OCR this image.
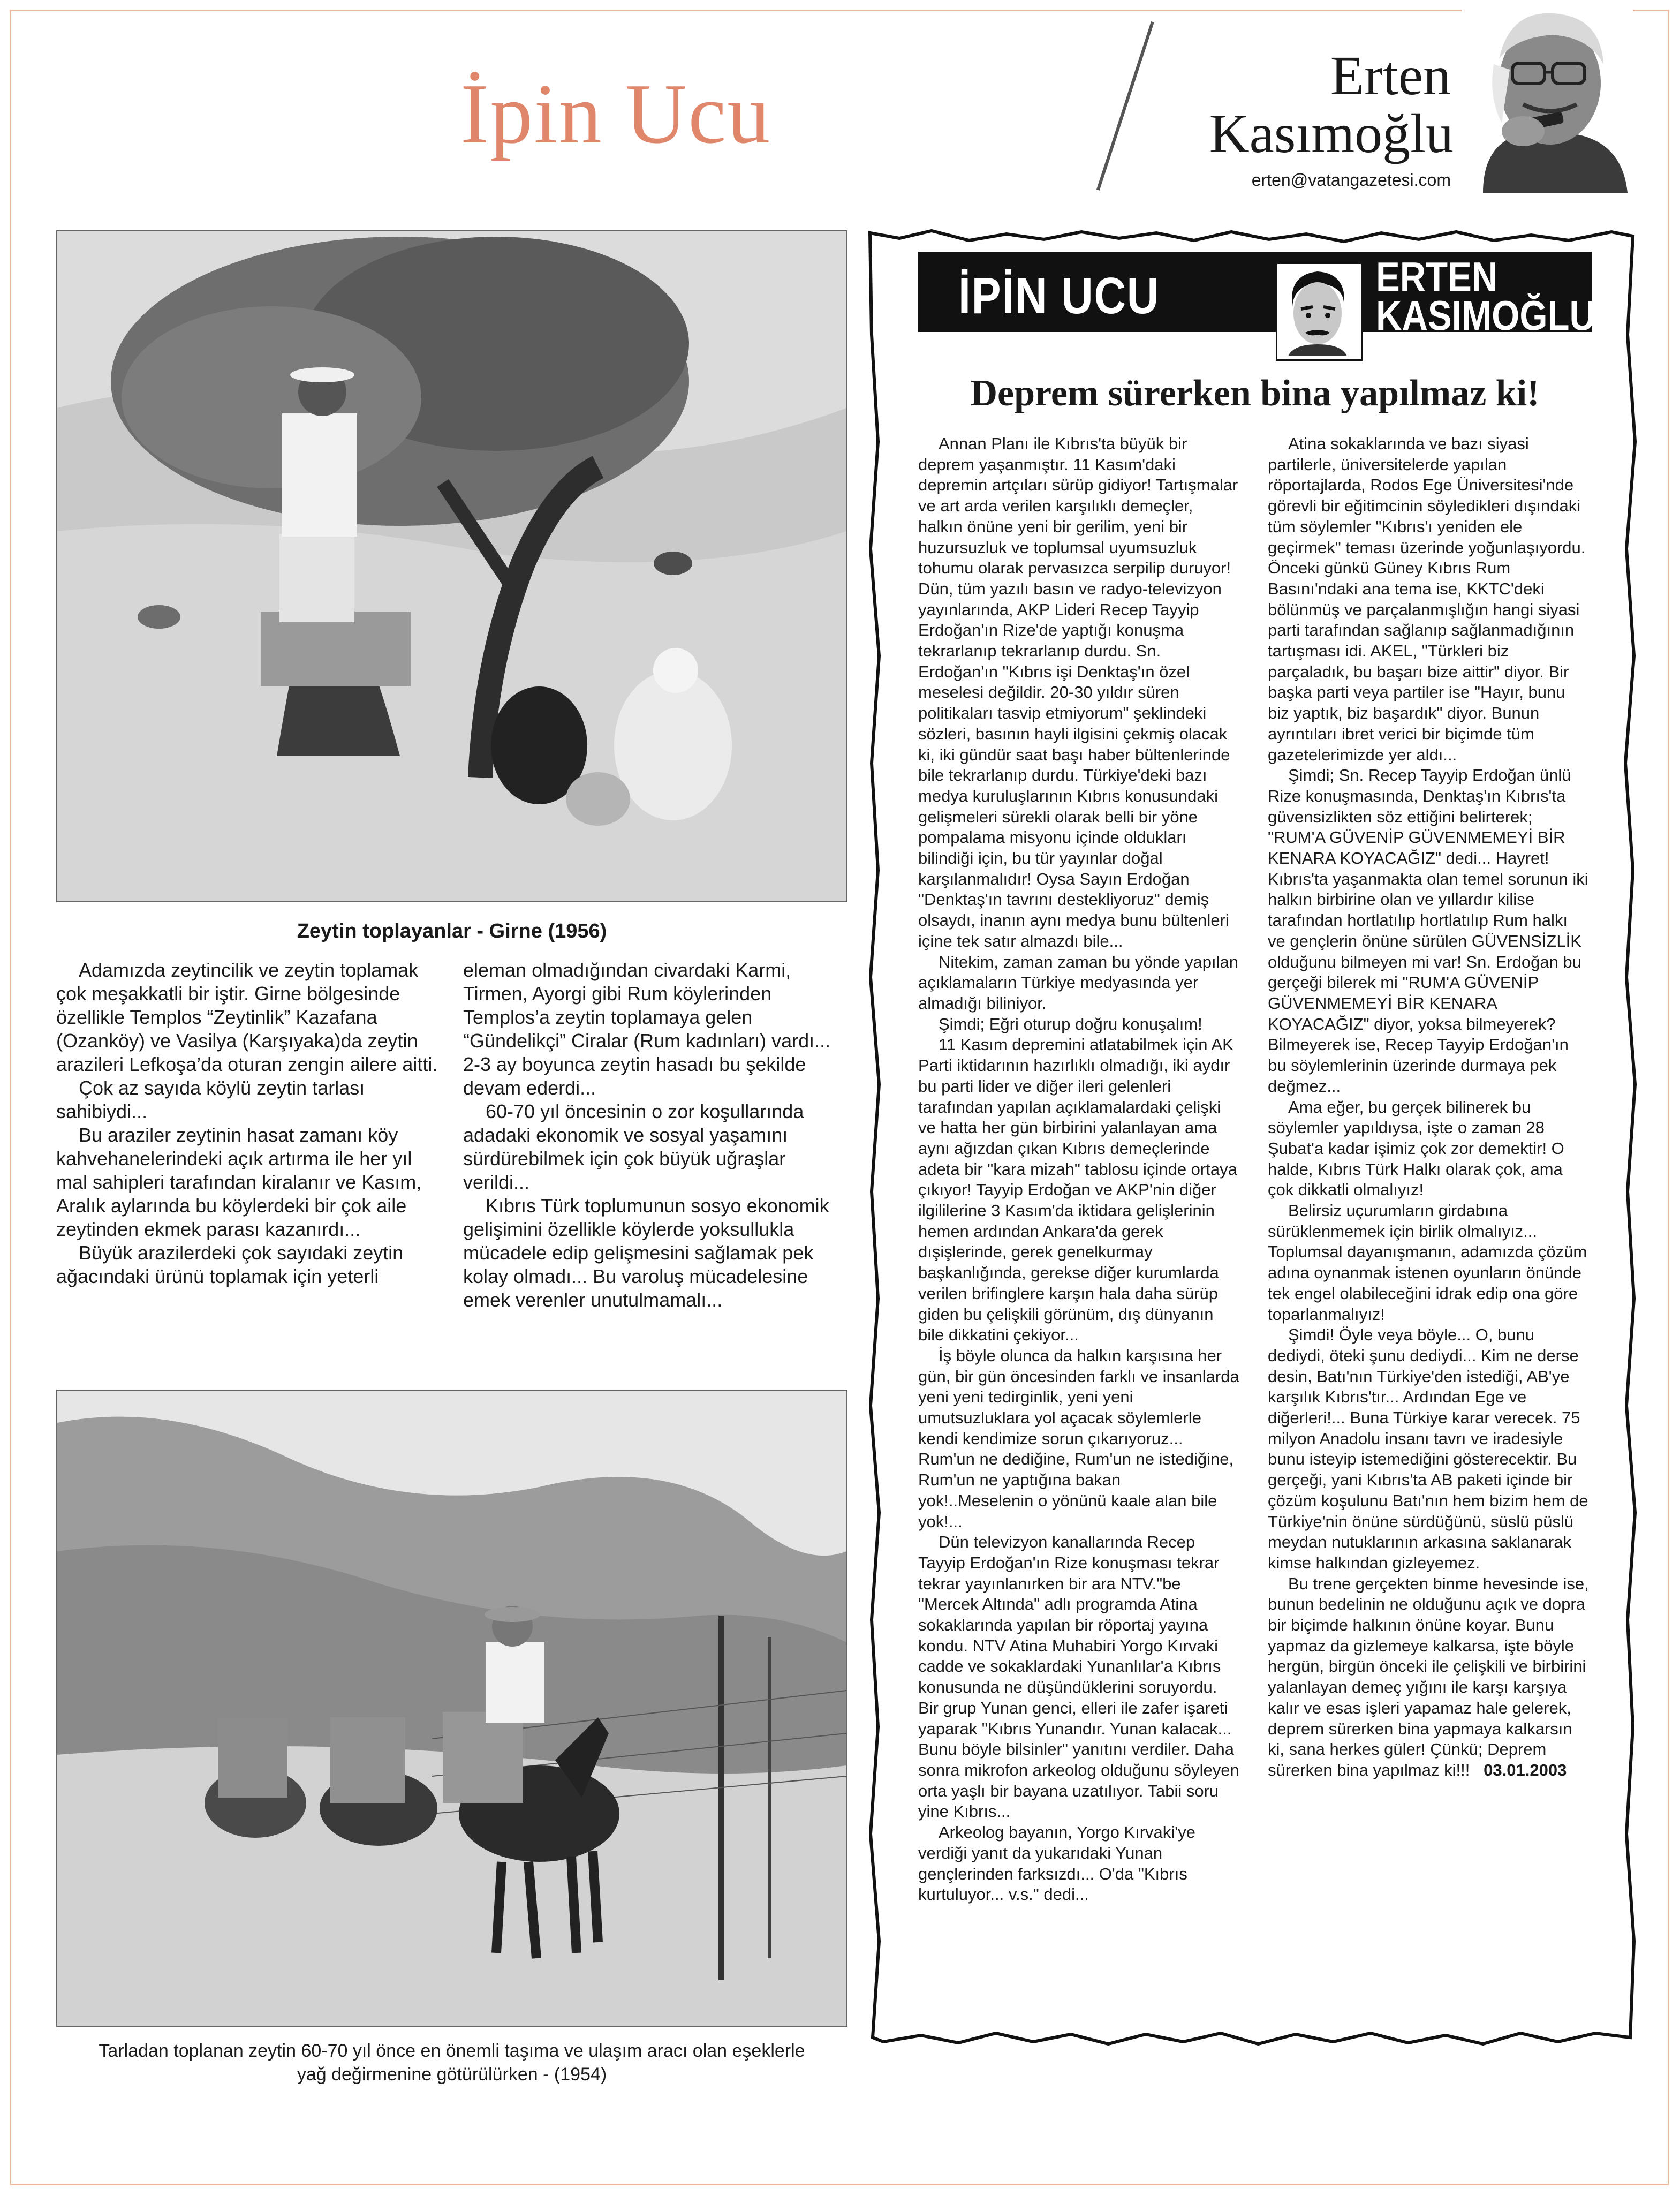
İpin Ucu	Erten
Kasımoğlu
erten@vatangazetesi.com
Zeytin toplayanlar - Girne (1956)

Adamızda zeytincilik ve zeytin toplamak çok meşakkatli bir iştir. Girne bölgesinde özellikle Templos “Zeytinlik” Kazafana (Ozanköy) ve Vasilya (Karşıyaka)da zeytin arazileri Lefkoşa’da oturan zengin ailere aitti.

Çok az sayıda köylü zeytin tarlası sahibiydi...

Bu araziler zeytinin hasat zamanı köy kahvehanelerindeki açık artırma ile her yıl mal sahipleri tarafından kiralanır ve Kasım, Aralık aylarında bu köylerdeki bir çok aile zeytinden ekmek parası kazanırdı...

Büyük arazilerdeki çok sayıdaki zeytin ağacındaki ürünü toplamak için yeterli

eleman olmadığından civardaki Karmi, Tirmen, Ayorgi gibi Rum köylerinden Templos’a zeytin toplamaya gelen “Gündelikçi” Ciralar (Rum kadınları) vardı... 2-3 ay boyunca zeytin hasadı bu şekilde devam ederdi...

60-70 yıl öncesinin o zor koşullarında adadaki ekonomik ve sosyal yaşamını sürdürebilmek için çok büyük uğraşlar verildi...

Kıbrıs Türk toplumunun sosyo ekonomik gelişimini özellikle köylerde yoksullukla mücadele edip gelişmesini sağlamak pek kolay olmadı... Bu varoluş mücadelesine emek verenler unutulmamalı...

Tarladan toplanan zeytin 60-70 yıl önce en önemli taşıma ve ulaşım aracı olan eşeklerle
yağ değirmenine götürülürken - (1954)
İPİN UCU	ERTEN
KASIMOĞLU
Deprem sürerken bina yapılmaz ki!

Annan Planı ile Kıbrıs'ta büyük bir deprem yaşanmıştır. 11 Kasım'daki depremin artçıları sürüp gidiyor! Tartışmalar ve art arda verilen karşılıklı demeçler, halkın önüne yeni bir gerilim, yeni bir huzursuzluk ve toplumsal uyumsuzluk tohumu olarak pervasızca serpilip duruyor! Dün, tüm yazılı basın ve radyo-televizyon yayınlarında, AKP Lideri Recep Tayyip Erdoğan'ın Rize'de yaptığı konuşma tekrarlanıp tekrarlanıp durdu. Sn. Erdoğan'ın "Kıbrıs işi Denktaş'ın özel meselesi değildir. 20-30 yıldır süren politikaları tasvip etmiyorum" şeklindeki sözleri, basının hayli ilgisini çekmiş olacak ki, iki gündür saat başı haber bültenlerinde bile tekrarlanıp durdu. Türkiye'deki bazı medya kuruluşlarının Kıbrıs konusundaki gelişmeleri sürekli olarak belli bir yöne pompalama misyonu içinde oldukları bilindiği için, bu tür yayınlar doğal karşılanmalıdır! Oysa Sayın Erdoğan "Denktaş'ın tavrını destekliyoruz" demiş olsaydı, inanın aynı medya bunu bültenleri içine tek satır almazdı bile...

Nitekim, zaman zaman bu yönde yapılan açıklamaların Türkiye medyasında yer almadığı biliniyor.

Şimdi; Eğri oturup doğru konuşalım!

11 Kasım depremini atlatabilmek için AK Parti iktidarının hazırlıklı olmadığı, iki aydır bu parti lider ve diğer ileri gelenleri tarafından yapılan açıklamalardaki çelişki ve hatta her gün birbirini yalanlayan ama aynı ağızdan çıkan Kıbrıs demeçlerinde adeta bir "kara mizah" tablosu içinde ortaya çıkıyor! Tayyip Erdoğan ve AKP'nin diğer ilgililerine 3 Kasım'da iktidara gelişlerinin hemen ardından Ankara'da gerek dışişlerinde, gerek genelkurmay başkanlığında, gerekse diğer kurumlarda verilen brifinglere karşın hala daha sürüp giden bu çelişkili görünüm, dış dünyanın bile dikkatini çekiyor...

İş böyle olunca da halkın karşısına her gün, bir gün öncesinden farklı ve insanlarda yeni yeni tedirginlik, yeni yeni umutsuzluklara yol açacak söylemlerle kendi kendimize sorun çıkarıyoruz... Rum'un ne dediğine, Rum'un ne istediğine, Rum'un ne yaptığına bakan yok!..Meselenin o yönünü kaale alan bile yok!...

Dün televizyon kanallarında Recep Tayyip Erdoğan'ın Rize konuşması tekrar tekrar yayınlanırken bir ara NTV."be "Mercek Altında" adlı programda Atina sokaklarında yapılan bir röportaj yayına kondu. NTV Atina Muhabiri Yorgo Kırvaki cadde ve sokaklardaki Yunanlılar'a Kıbrıs konusunda ne düşündüklerini soruyordu. Bir grup Yunan genci, elleri ile zafer işareti yaparak "Kıbrıs Yunandır. Yunan kalacak... Bunu böyle bilsinler" yanıtını verdiler. Daha sonra mikrofon arkeolog olduğunu söyleyen orta yaşlı bir bayana uzatılıyor. Tabii soru yine Kıbrıs...

Arkeolog bayanın, Yorgo Kırvaki'ye verdiği yanıt da yukarıdaki Yunan gençlerinden farksızdı... O'da "Kıbrıs kurtuluyor... v.s." dedi...

Atina sokaklarında ve bazı siyasi partilerle, üniversitelerde yapılan röportajlarda, Rodos Ege Üniversitesi'nde görevli bir eğitimcinin söyledikleri dışındaki tüm söylemler "Kıbrıs'ı yeniden ele geçirmek" teması üzerinde yoğunlaşıyordu. Önceki günkü Güney Kıbrıs Rum Basını'ndaki ana tema ise, KKTC'deki bölünmüş ve parçalanmışlığın hangi siyasi parti tarafından sağlanıp sağlanmadığının tartışması idi. AKEL, "Türkleri biz parçaladık, bu başarı bize aittir" diyor. Bir başka parti veya partiler ise "Hayır, bunu biz yaptık, biz başardık" diyor. Bunun ayrıntıları ibret verici bir biçimde tüm gazetelerimizde yer aldı...

Şimdi; Sn. Recep Tayyip Erdoğan ünlü Rize konuşmasında, Denktaş'ın Kıbrıs'ta güvensizlikten söz ettiğini belirterek; "RUM'A GÜVENİP GÜVENMEMEYİ BİR KENARA KOYACAĞIZ" dedi... Hayret! Kıbrıs'ta yaşanmakta olan temel sorunun iki halkın birbirine olan ve yıllardır kilise tarafından hortlatılıp hortlatılıp Rum halkı ve gençlerin önüne sürülen GÜVENSİZLİK olduğunu bilmeyen mi var! Sn. Erdoğan bu gerçeği bilerek mi "RUM'A GÜVENİP GÜVENMEMEYİ BİR KENARA KOYACAĞIZ" diyor, yoksa bilmeyerek? Bilmeyerek ise, Recep Tayyip Erdoğan'ın bu söylemlerinin üzerinde durmaya pek değmez...

Ama eğer, bu gerçek bilinerek bu söylemler yapıldıysa, işte o zaman 28 Şubat'a kadar işimiz çok zor demektir! O halde, Kıbrıs Türk Halkı olarak çok, ama çok dikkatli olmalıyız!

Belirsiz uçurumların girdabına sürüklenmemek için birlik olmalıyız... Toplumsal dayanışmanın, adamızda çözüm adına oynanmak istenen oyunların önünde tek engel olabileceğini idrak edip ona göre toparlanmalıyız!

Şimdi! Öyle veya böyle... O, bunu dediydi, öteki şunu dediydi... Kim ne derse desin, Batı'nın Türkiye'den istediği, AB'ye karşılık Kıbrıs'tır... Ardından Ege ve diğerleri!... Buna Türkiye karar verecek. 75 milyon Anadolu insanı tavrı ve iradesiyle bunu isteyip istemediğini gösterecektir. Bu gerçeği, yani Kıbrıs'ta AB paketi içinde bir çözüm koşulunu Batı'nın hem bizim hem de Türkiye'nin önüne sürdüğünü, süslü püslü meydan nutuklarının arkasına saklanarak kimse halkından gizleyemez.

Bu trene gerçekten binme hevesinde ise, bunun bedelinin ne olduğunu açık ve dopra bir biçimde halkının önüne koyar. Bunu yapmaz da gizlemeye kalkarsa, işte böyle hergün, birgün önceki ile çelişkili ve birbirini yalanlayan demeç yığını ile karşı karşıya kalır ve esas işleri yapamaz hale gelerek, deprem sürerken bina yapmaya kalkarsın ki, sana herkes güler! Çünkü; Deprem sürerken bina yapılmaz ki!!! 03.01.2003
